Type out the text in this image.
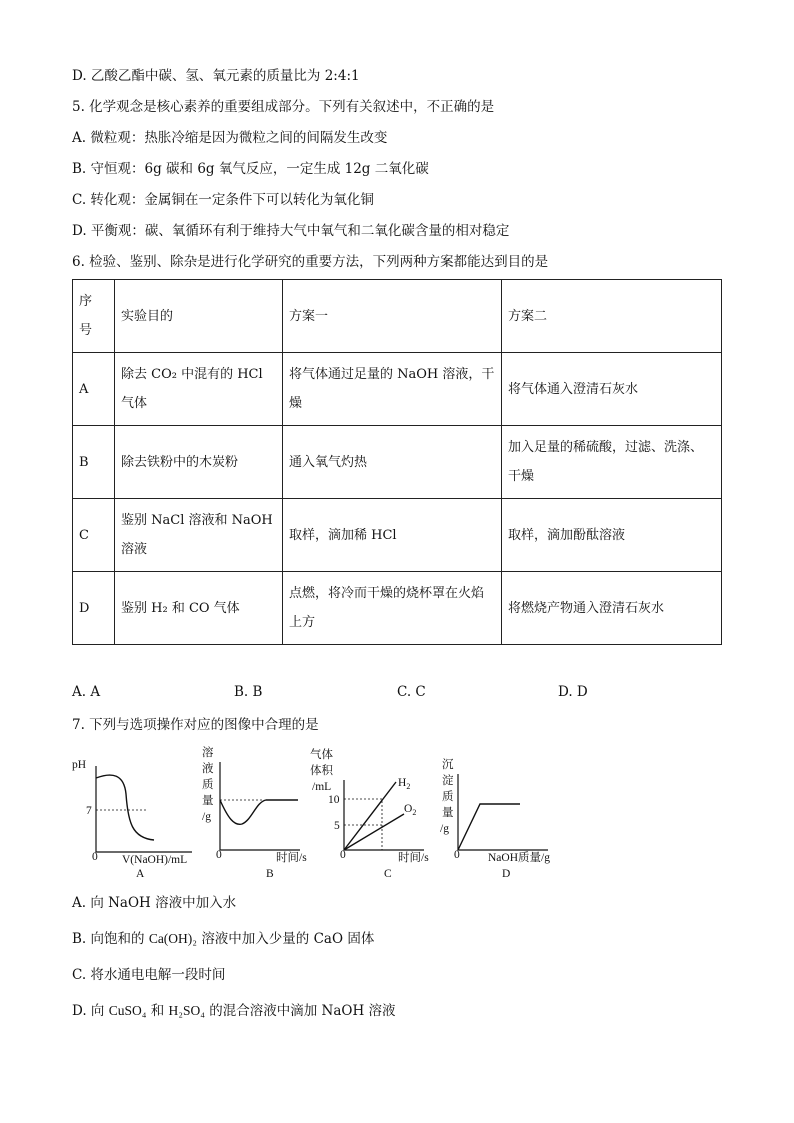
D. 乙酸乙酯中碳、氢、氧元素的质量比为 2:4:1
5. 化学观念是核心素养的重要组成部分。下列有关叙述中，不正确的是
A. 微粒观：热胀冷缩是因为微粒之间的间隔发生改变
B. 守恒观：6g 碳和 6g 氧气反应，一定生成 12g 二氧化碳
C. 转化观：金属铜在一定条件下可以转化为氧化铜
D. 平衡观：碳、氧循环有利于维持大气中氧气和二氧化碳含量的相对稳定
6. 检验、鉴别、除杂是进行化学研究的重要方法，下列两种方案都能达到目的是
序
号	实验目的	方案一	方案二
A	除去 CO₂ 中混有的 HCl 气体	将气体通过足量的 NaOH 溶液，干燥	将气体通入澄清石灰水
B	除去铁粉中的木炭粉	通入氧气灼热	加入足量的稀硫酸，过滤、洗涤、干燥
C	鉴别 NaCl 溶液和 NaOH 溶液	取样，滴加稀 HCl	取样，滴加酚酞溶液
D	鉴别 H₂ 和 CO 气体	点燃，将冷而干燥的烧杯罩在火焰上方	将燃烧产物通入澄清石灰水
A. A	B. B	C. C	D. D
7. 下列与选项操作对应的图像中合理的是
pH
7
0 V(NaOH)/mL
A
溶
液
质
量
/g
0	时间/s
B
气体
体积
/mL
10
5
$H_2$
$O_2$
0	时间/s
C
沉
淀
质
量
/g
0 NaOH质量/g
D
A. 向 NaOH 溶液中加入水
B. 向饱和的 Ca(OH)₂ 溶液中加入少量的 CaO 固体
C. 将水通电电解一段时间
D. 向 CuSO₄ 和 H₂SO₄ 的混合溶液中滴加 NaOH 溶液
